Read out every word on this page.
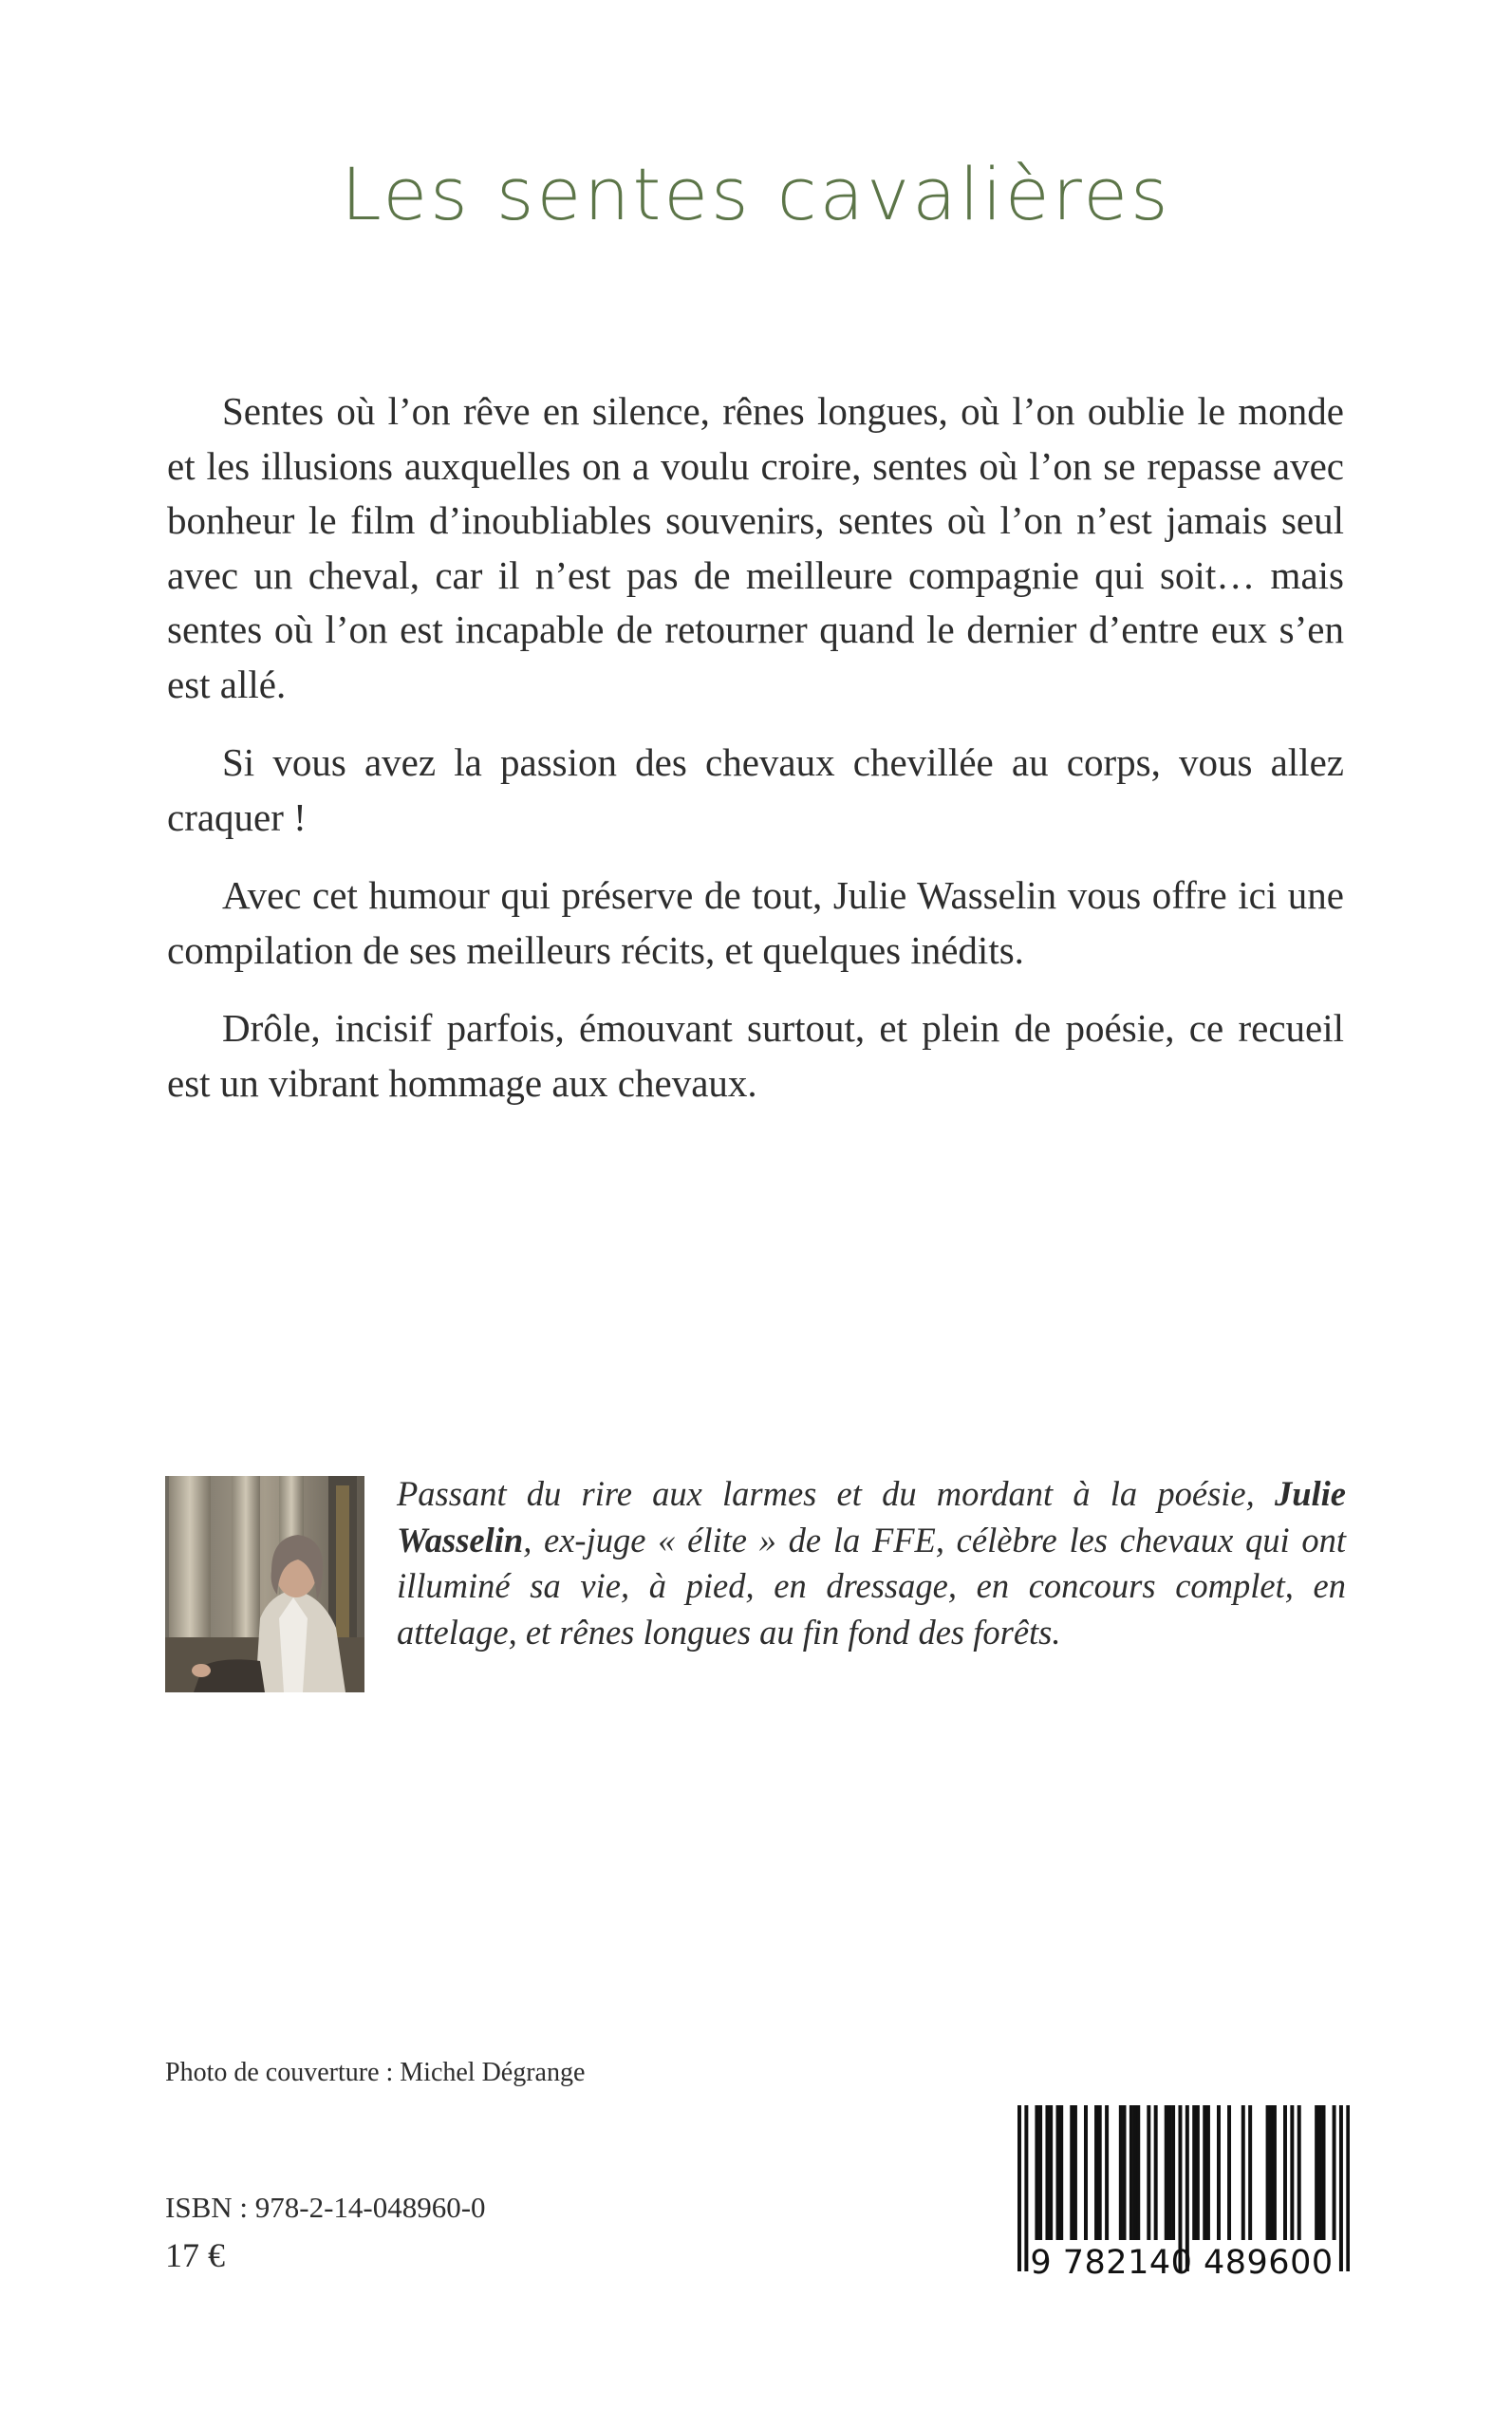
Les sentes cavalières

Sentes où l’on rêve en silence, rênes longues, où l’on oublie le monde et les illusions auxquelles on a voulu croire, sentes où l’on se repasse avec bonheur le film d’inoubliables souvenirs, sentes où l’on n’est jamais seul avec un cheval, car il n’est pas de meilleure compagnie qui soit… mais sentes où l’on est incapable de retourner quand le dernier d’entre eux s’en est allé.

Si vous avez la passion des chevaux chevillée au corps, vous allez craquer !

Avec cet humour qui préserve de tout, Julie Wasselin vous offre ici une compilation de ses meilleurs récits, et quelques inédits.

Drôle, incisif parfois, émouvant surtout, et plein de poésie, ce recueil est un vibrant hommage aux chevaux.

Passant du rire aux larmes et du mordant à la poésie, Julie Wasselin, ex-juge « élite » de la FFE, célèbre les chevaux qui ont illuminé sa vie, à pied, en dressage, en concours complet, en attelage, et rênes longues au fin fond des forêts.

Photo de couverture : Michel Dégrange
ISBN : 978-2-14-048960-0
17 €	9 782140 489600
